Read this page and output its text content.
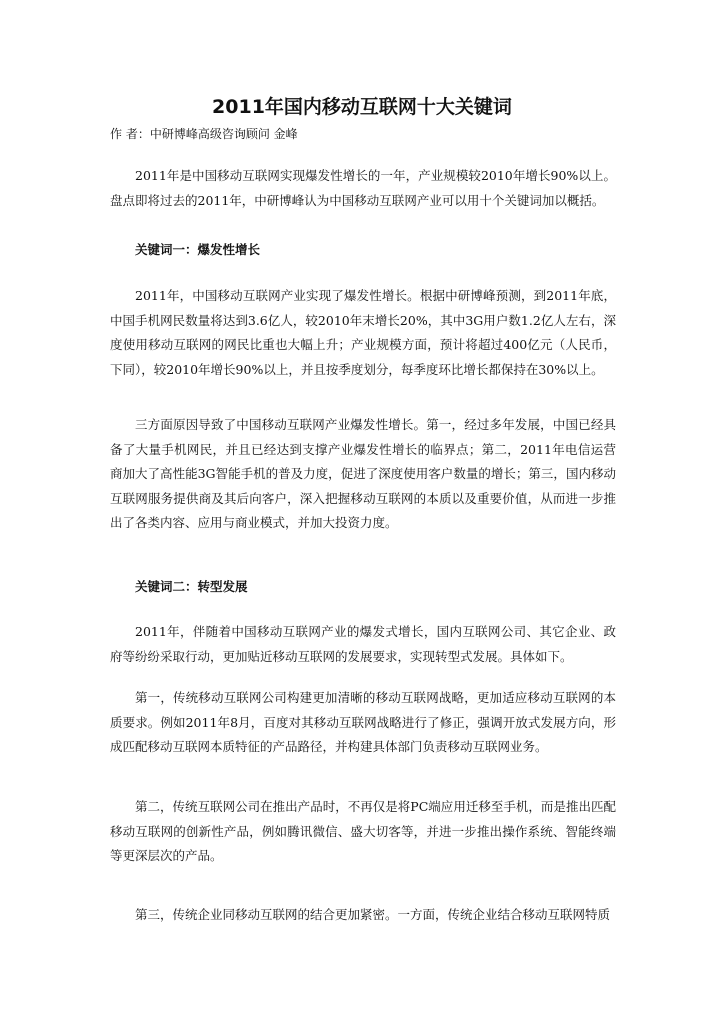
2011年国内移动互联网十大关键词
作 者：中研博峰高级咨询顾问 金峰

2011年是中国移动互联网实现爆发性增长的一年，产业规模较2010年增长90%以上。盘点即将过去的2011年，中研博峰认为中国移动互联网产业可以用十个关键词加以概括。

关键词一：爆发性增长

2011年，中国移动互联网产业实现了爆发性增长。根据中研博峰预测，到2011年底，中国手机网民数量将达到3.6亿人，较2010年末增长20%，其中3G用户数1.2亿人左右，深度使用移动互联网的网民比重也大幅上升；产业规模方面，预计将超过400亿元（人民币，下同），较2010年增长90%以上，并且按季度划分，每季度环比增长都保持在30%以上。

三方面原因导致了中国移动互联网产业爆发性增长。第一，经过多年发展，中国已经具备了大量手机网民，并且已经达到支撑产业爆发性增长的临界点；第二，2011年电信运营商加大了高性能3G智能手机的普及力度，促进了深度使用客户数量的增长；第三，国内移动互联网服务提供商及其后向客户，深入把握移动互联网的本质以及重要价值，从而进一步推出了各类内容、应用与商业模式，并加大投资力度。

关键词二：转型发展

2011年，伴随着中国移动互联网产业的爆发式增长，国内互联网公司、其它企业、政府等纷纷采取行动，更加贴近移动互联网的发展要求，实现转型式发展。具体如下。

第一，传统移动互联网公司构建更加清晰的移动互联网战略，更加适应移动互联网的本质要求。例如2011年8月，百度对其移动互联网战略进行了修正，强调开放式发展方向，形成匹配移动互联网本质特征的产品路径，并构建具体部门负责移动互联网业务。

第二，传统互联网公司在推出产品时，不再仅是将PC端应用迁移至手机，而是推出匹配移动互联网的创新性产品，例如腾讯微信、盛大切客等，并进一步推出操作系统、智能终端等更深层次的产品。

第三，传统企业同移动互联网的结合更加紧密。一方面，传统企业结合移动互联网特质
